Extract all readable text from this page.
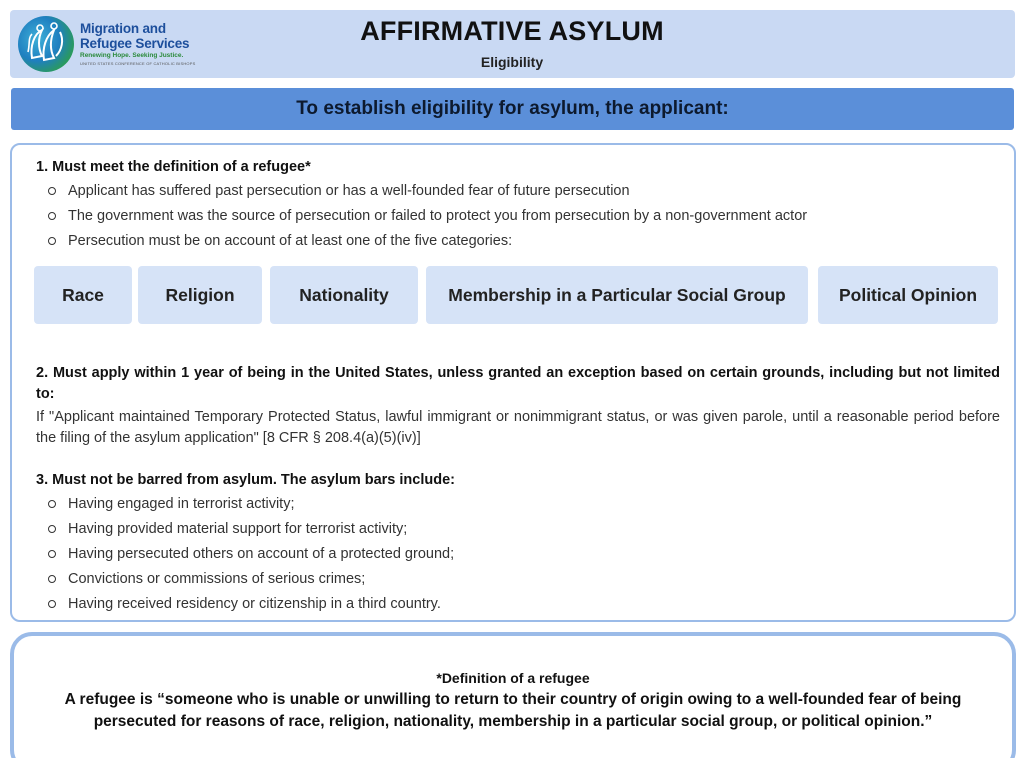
Migration and
Refugee Services
Renewing Hope. Seeking Justice.
UNITED STATES CONFERENCE OF CATHOLIC BISHOPS
AFFIRMATIVE ASYLUM
Eligibility
To establish eligibility for asylum, the applicant:
1. Must meet the definition of a refugee*
Applicant has suffered past persecution or has a well-founded fear of future persecution
The government was the source of persecution or failed to protect you from persecution by a non-government actor
Persecution must be on account of at least one of the five categories:
Race	Religion	Nationality	Membership in a Particular Social Group	Political Opinion
2. Must apply within 1 year of being in the United States, unless granted an exception based on certain grounds, including but not limited to:
If "Applicant maintained Temporary Protected Status, lawful immigrant or nonimmigrant status, or was given parole, until a reasonable period before the filing of the asylum application" [8 CFR § 208.4(a)(5)(iv)]
3. Must not be barred from asylum. The asylum bars include:
Having engaged in terrorist activity;
Having provided material support for terrorist activity;
Having persecuted others on account of a protected ground;
Convictions or commissions of serious crimes;
Having received residency or citizenship in a third country.
*Definition of a refugee
A refugee is “someone who is unable or unwilling to return to their country of origin owing to a well-founded fear of being persecuted for reasons of race, religion, nationality, membership in a particular social group, or political opinion.”
